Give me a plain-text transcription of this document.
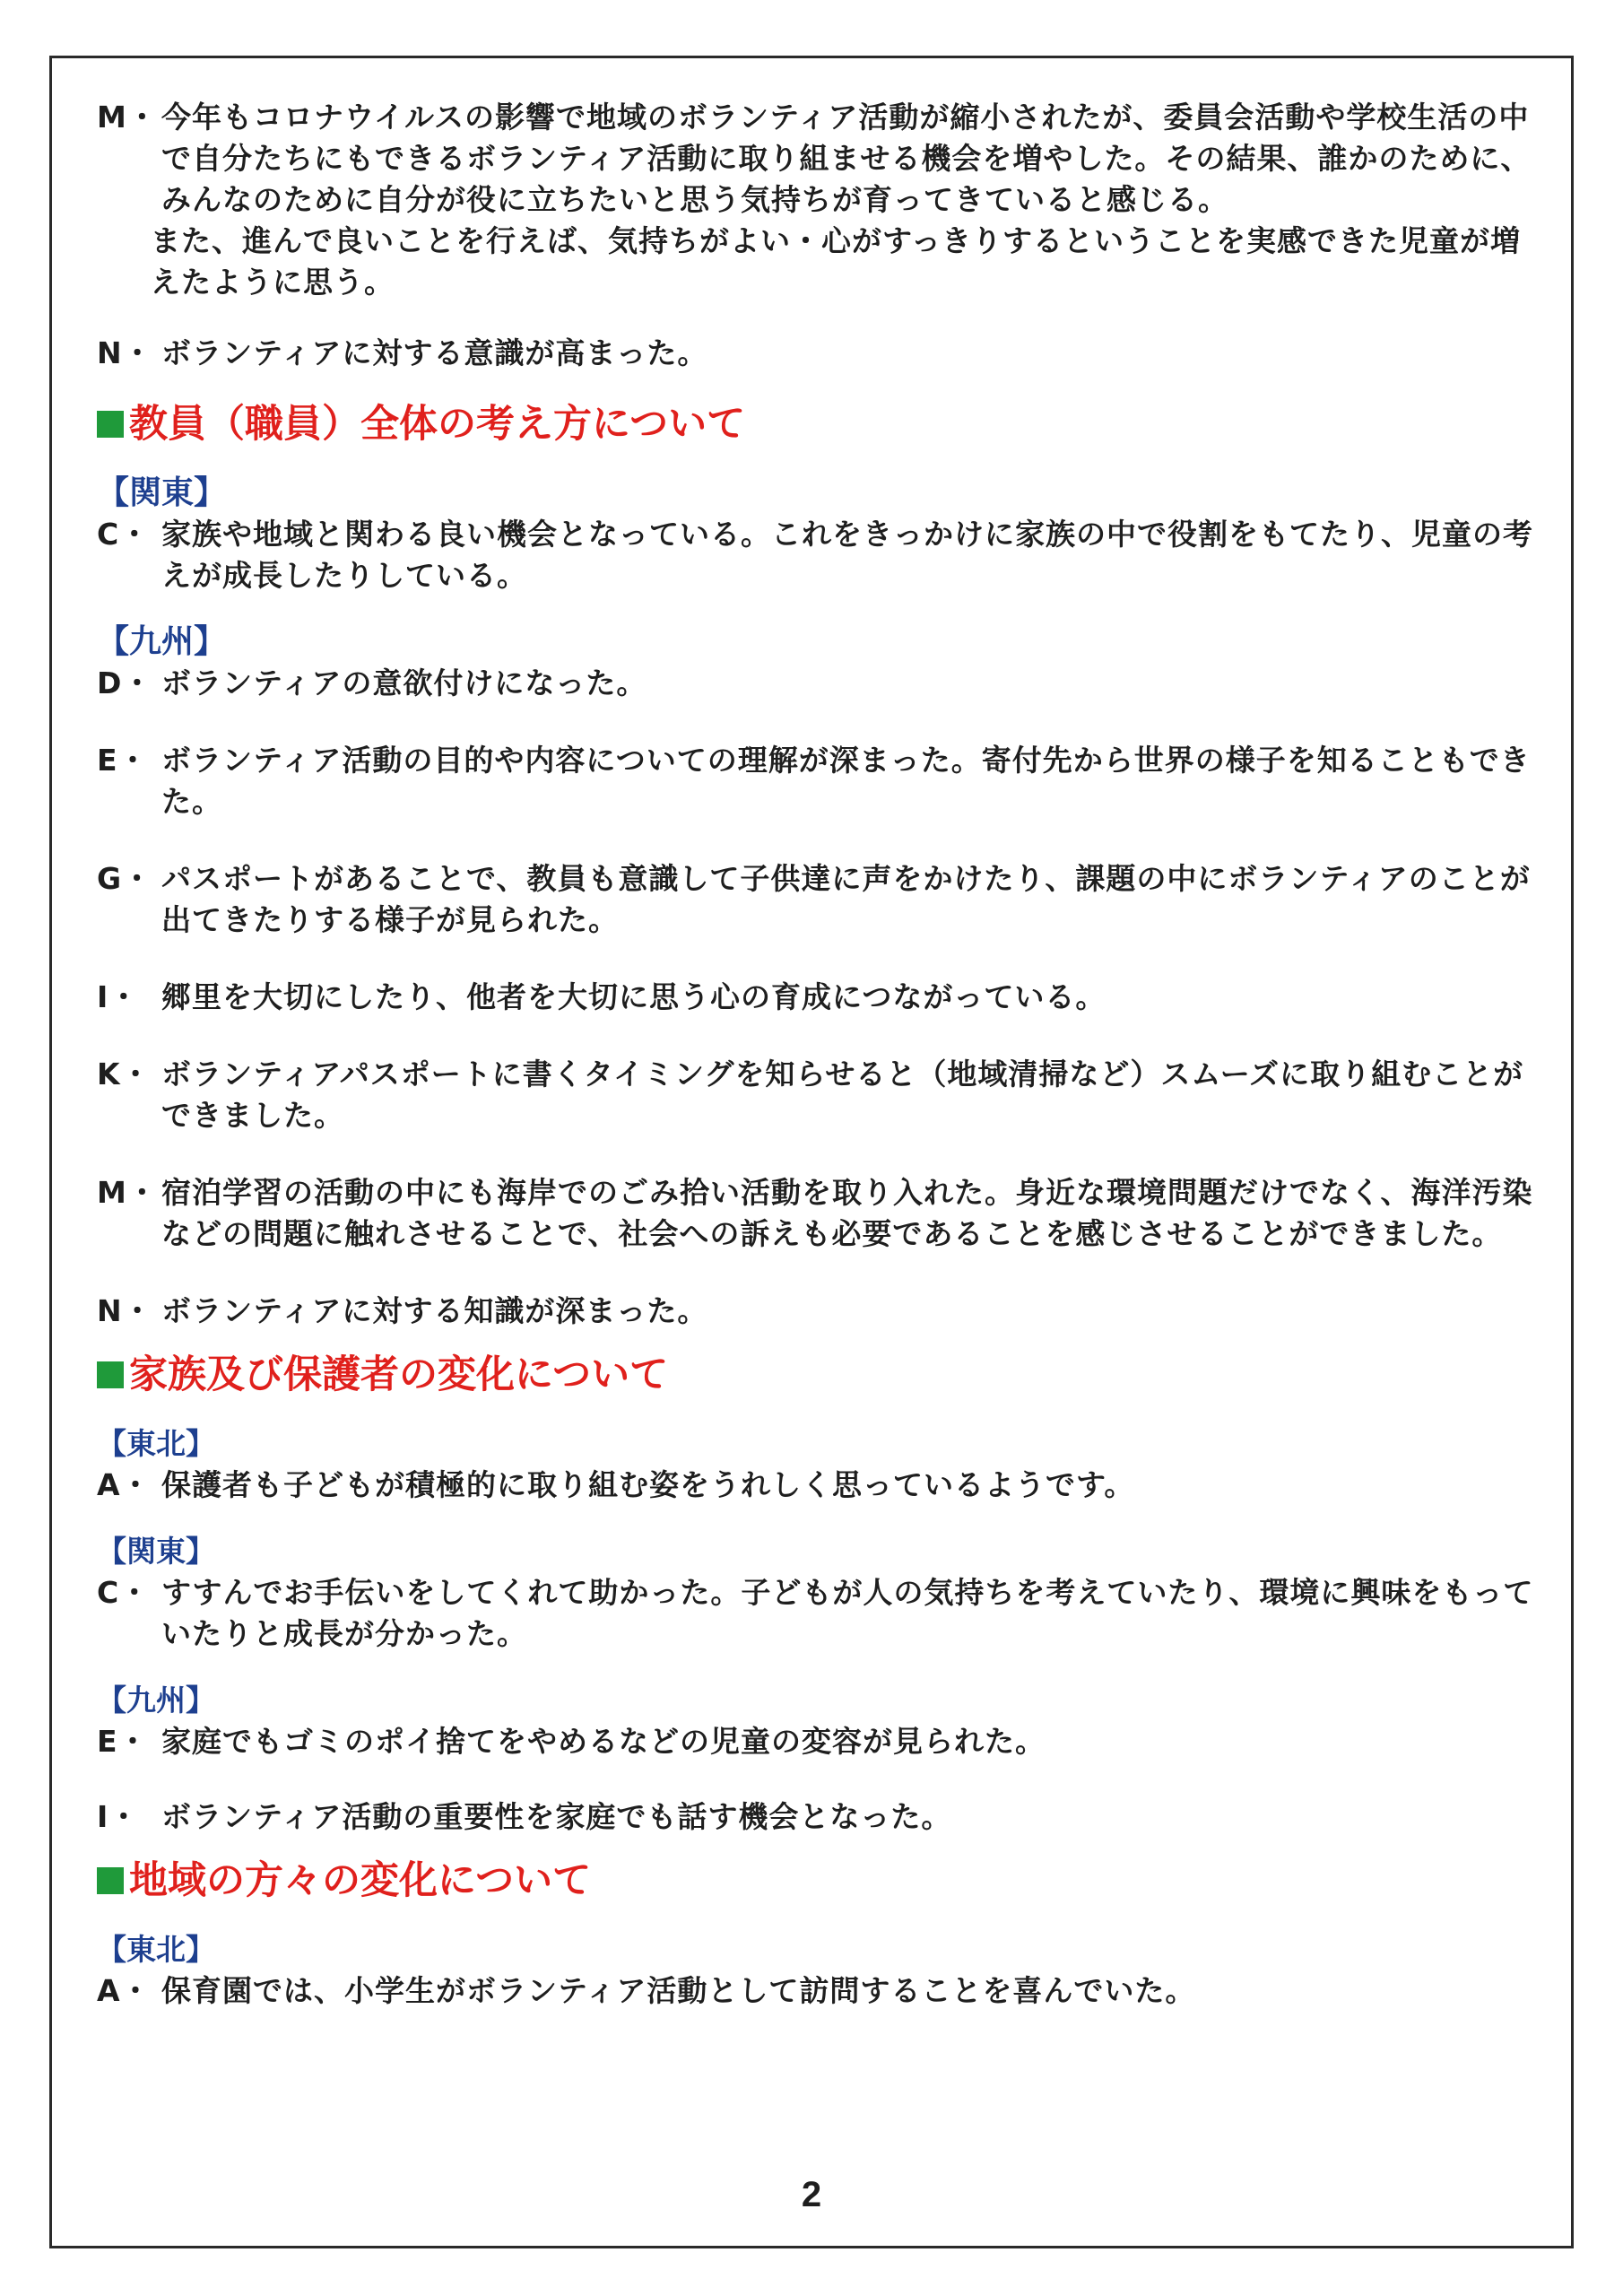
M・ 今年もコロナウイルスの影響で地域のボランティア活動が縮小されたが、委員会活動や学校生活の中で自分たちにもできるボランティア活動に取り組ませる機会を増やした。その結果、誰かのために、みんなのために自分が役に立ちたいと思う気持ちが育ってきていると感じる。
また、進んで良いことを行えば、気持ちがよい・心がすっきりするということを実感できた児童が増えたように思う。
N・ ボランティアに対する意識が高まった。
教員（職員）全体の考え方について
【関東】
C・ 家族や地域と関わる良い機会となっている。これをきっかけに家族の中で役割をもてたり、児童の考えが成長したりしている。
【九州】
D・ ボランティアの意欲付けになった。
E・ ボランティア活動の目的や内容についての理解が深まった。寄付先から世界の様子を知ることもできた。
G・ パスポートがあることで、教員も意識して子供達に声をかけたり、課題の中にボランティアのことが出てきたりする様子が見られた。
I・ 郷里を大切にしたり、他者を大切に思う心の育成につながっている。
K・ ボランティアパスポートに書くタイミングを知らせると（地域清掃など）スムーズに取り組むことができました。
M・ 宿泊学習の活動の中にも海岸でのごみ拾い活動を取り入れた。身近な環境問題だけでなく、海洋汚染などの問題に触れさせることで、社会への訴えも必要であることを感じさせることができました。
N・ ボランティアに対する知識が深まった。
家族及び保護者の変化について
【東北】
A・ 保護者も子どもが積極的に取り組む姿をうれしく思っているようです。
【関東】
C・ すすんでお手伝いをしてくれて助かった。子どもが人の気持ちを考えていたり、環境に興味をもっていたりと成長が分かった。
【九州】
E・ 家庭でもゴミのポイ捨てをやめるなどの児童の変容が見られた。
I・ ボランティア活動の重要性を家庭でも話す機会となった。
地域の方々の変化について
【東北】
A・ 保育園では、小学生がボランティア活動として訪問することを喜んでいた。
2
